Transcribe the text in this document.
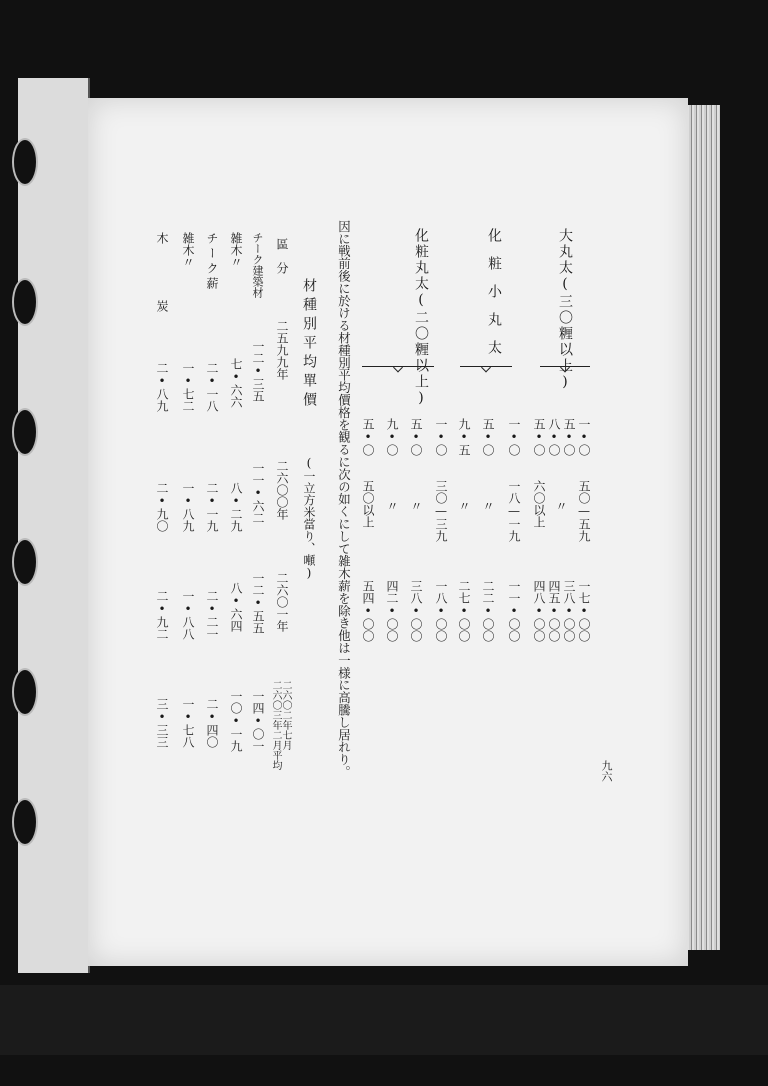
大丸太(三〇糎以上)
化粧小丸太
化粧丸太(二〇糎以上)
一•〇
五•〇
八•〇
五•〇
一•〇
五•〇
九•五
一•〇
五•〇
九•〇
五•〇
五〇—五九
〃
六〇以上
一八—一九
〃
〃
三〇—三九
〃
〃
五〇以上
一七•〇〇
三八•〇〇
四五•〇〇
四八•〇〇
一一•〇〇
二二•〇〇
二七•〇〇
一八•〇〇
三八•〇〇
四二•〇〇
五四•〇〇
因に戦前後に於ける材種別平均價格を観るに次の如くにして雑木薪を除き他は一様に高騰し居れり。
材種別平均單價
(一立方米當り、噸)
區　分
二五九九年
二六〇〇年
二六〇一年
二六〇二年七月
二六〇三年二月平均
チーク建築材
一二•三五
一一•六二
一二•五五
一四•〇一
雑木〃
七•六六
八•二九
八•六四
一〇•一九
チーク薪
二•一八
二•一九
二•二一
二•四〇
雑木〃
一•七二
一•八九
一•八八
一•七八
木　炭
二•八九
二•九〇
二•九二
三•三三
九六
